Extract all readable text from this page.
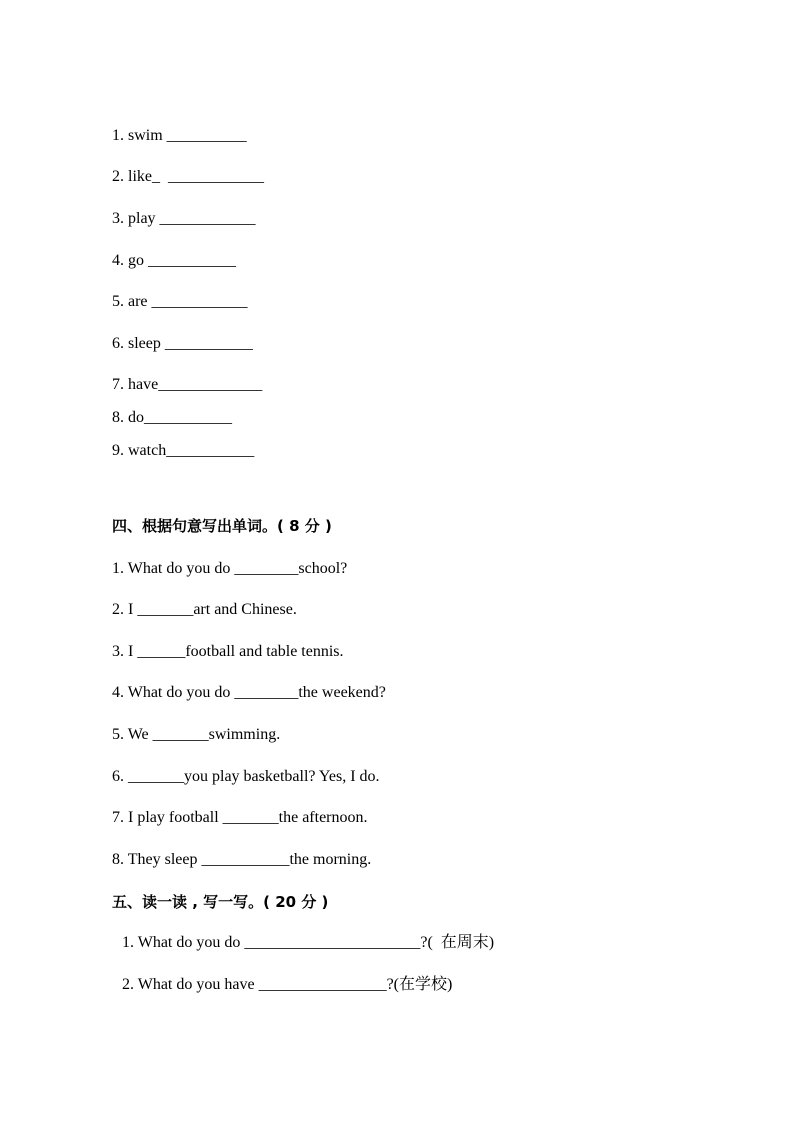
1. swim __________
2. like_  ____________
3. play ____________
4. go ___________
5. are ____________
6. sleep ___________
7. have_____________
8. do___________
9. watch___________
四、根据句意写出单词。( 8 分 )
1. What do you do ________school?
2. I _______art and Chinese.
3. I ______football and table tennis.
4. What do you do ________the weekend?
5. We _______swimming.
6. _______you play basketball? Yes, I do.
7. I play football _______the afternoon.
8. They sleep ___________the morning.
五、读一读 , 写一写。( 20 分 )
1. What do you do ______________________?(  在周末)
2. What do you have ________________?(在学校)
